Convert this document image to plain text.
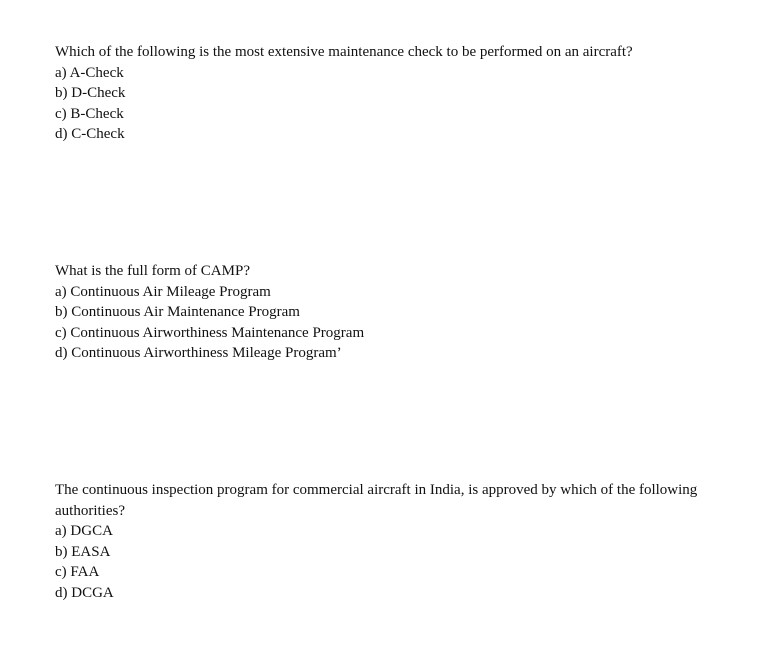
Which of the following is the most extensive maintenance check to be performed on an aircraft?
a) A-Check
b) D-Check
c) B-Check
d) C-Check
What is the full form of CAMP?
a) Continuous Air Mileage Program
b) Continuous Air Maintenance Program
c) Continuous Airworthiness Maintenance Program
d) Continuous Airworthiness Mileage Program’
The continuous inspection program for commercial aircraft in India, is approved by which of the following authorities?
a) DGCA
b) EASA
c) FAA
d) DCGA
